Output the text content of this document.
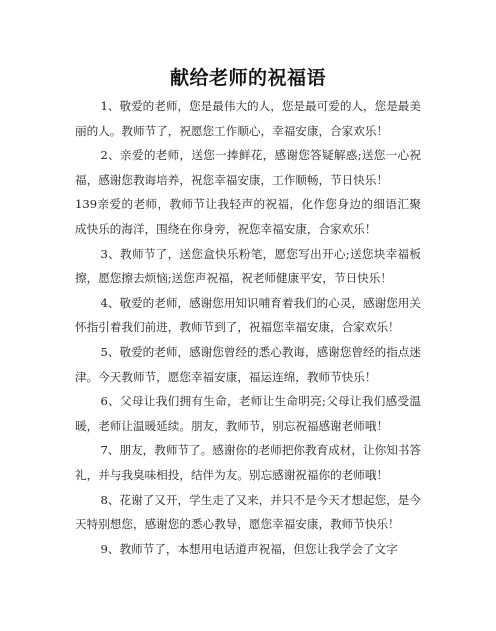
献给老师的祝福语

1、敬爱的老师，您是最伟大的人，您是最可爱的人，您是最美丽的人。教师节了，祝愿您工作顺心，幸福安康，合家欢乐！

2、亲爱的老师，送您一捧鲜花，感谢您答疑解惑;送您一心祝福，感谢您教诲培养，祝您幸福安康，工作顺畅，节日快乐！

139亲爱的老师，教师节让我轻声的祝福，化作您身边的细语汇聚成快乐的海洋，围绕在你身旁，祝您幸福安康，合家欢乐！

3、教师节了，送您盒快乐粉笔，愿您写出开心;送您块幸福板擦，愿您擦去烦恼;送您声祝福，祝老师健康平安，节日快乐！

4、敬爱的老师，感谢您用知识哺育着我们的心灵，感谢您用关怀指引着我们前进，教师节到了，祝福您幸福安康，合家欢乐！

5、敬爱的老师，感谢您曾经的悉心教诲，感谢您曾经的指点迷津。今天教师节，愿您幸福安康，福运连绵，教师节快乐！

6、父母让我们拥有生命，老师让生命明亮;父母让我们感受温暖，老师让温暖延续。朋友，教师节，别忘祝福感谢老师哦！

7、朋友，教师节了。感谢你的老师把你教育成材，让你知书答礼，并与我臭味相投，结伴为友。别忘感谢祝福你的老师哦！

8、花谢了又开，学生走了又来，并只不是今天才想起您，是今天特别想您，感谢您的悉心教导，愿您幸福安康，教师节快乐！

9、教师节了，本想用电话道声祝福，但您让我学会了文字
